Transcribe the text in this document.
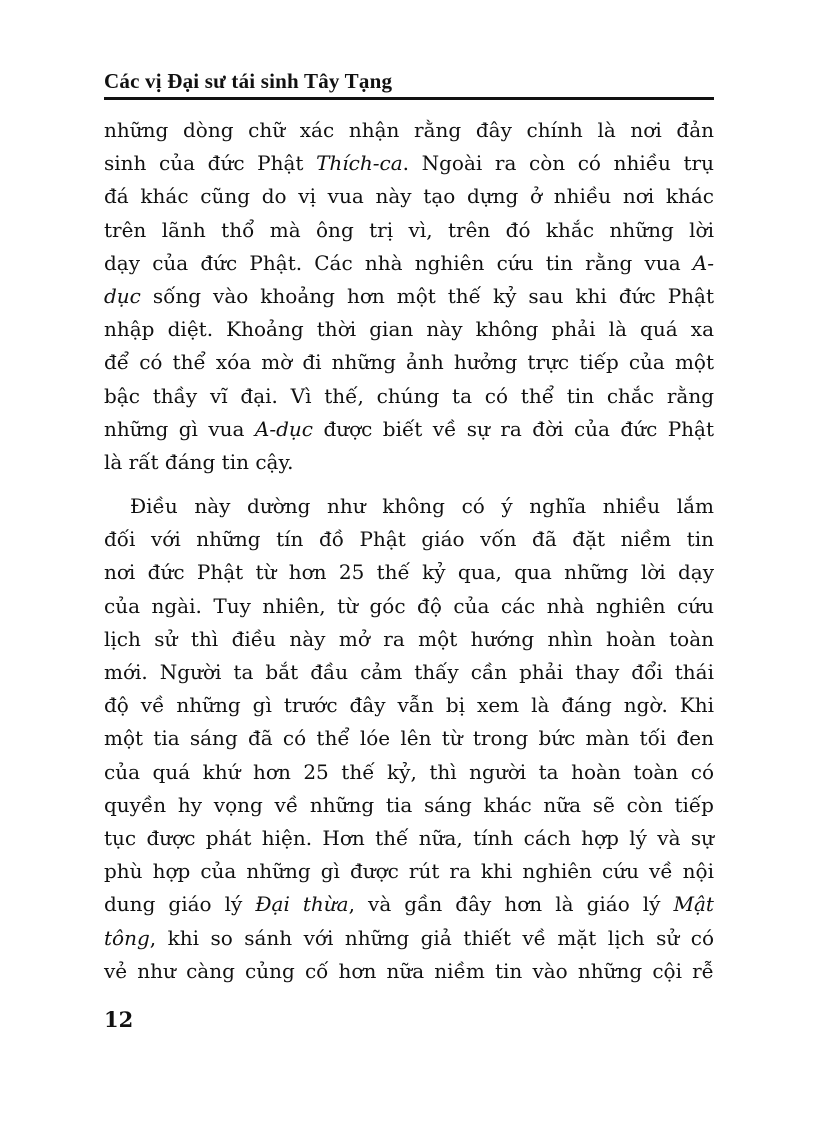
Các vị Đại sư tái sinh Tây Tạng

những dòng chữ xác nhận rằng đây chính là nơi đản
sinh của đức Phật Thích-ca. Ngoài ra còn có nhiều trụ
đá khác cũng do vị vua này tạo dựng ở nhiều nơi khác
trên lãnh thổ mà ông trị vì, trên đó khắc những lời
dạy của đức Phật. Các nhà nghiên cứu tin rằng vua A-
dục sống vào khoảng hơn một thế kỷ sau khi đức Phật
nhập diệt. Khoảng thời gian này không phải là quá xa
để có thể xóa mờ đi những ảnh hưởng trực tiếp của một
bậc thầy vĩ đại. Vì thế, chúng ta có thể tin chắc rằng
những gì vua A-dục được biết về sự ra đời của đức Phật
là rất đáng tin cậy.

Điều này dường như không có ý nghĩa nhiều lắm
đối với những tín đồ Phật giáo vốn đã đặt niềm tin
nơi đức Phật từ hơn 25 thế kỷ qua, qua những lời dạy
của ngài. Tuy nhiên, từ góc độ của các nhà nghiên cứu
lịch sử thì điều này mở ra một hướng nhìn hoàn toàn
mới. Người ta bắt đầu cảm thấy cần phải thay đổi thái
độ về những gì trước đây vẫn bị xem là đáng ngờ. Khi
một tia sáng đã có thể lóe lên từ trong bức màn tối đen
của quá khứ hơn 25 thế kỷ, thì người ta hoàn toàn có
quyền hy vọng về những tia sáng khác nữa sẽ còn tiếp
tục được phát hiện. Hơn thế nữa, tính cách hợp lý và sự
phù hợp của những gì được rút ra khi nghiên cứu về nội
dung giáo lý Đại thừa, và gần đây hơn là giáo lý Mật
tông, khi so sánh với những giả thiết về mặt lịch sử có
vẻ như càng củng cố hơn nữa niềm tin vào những cội rễ

12
